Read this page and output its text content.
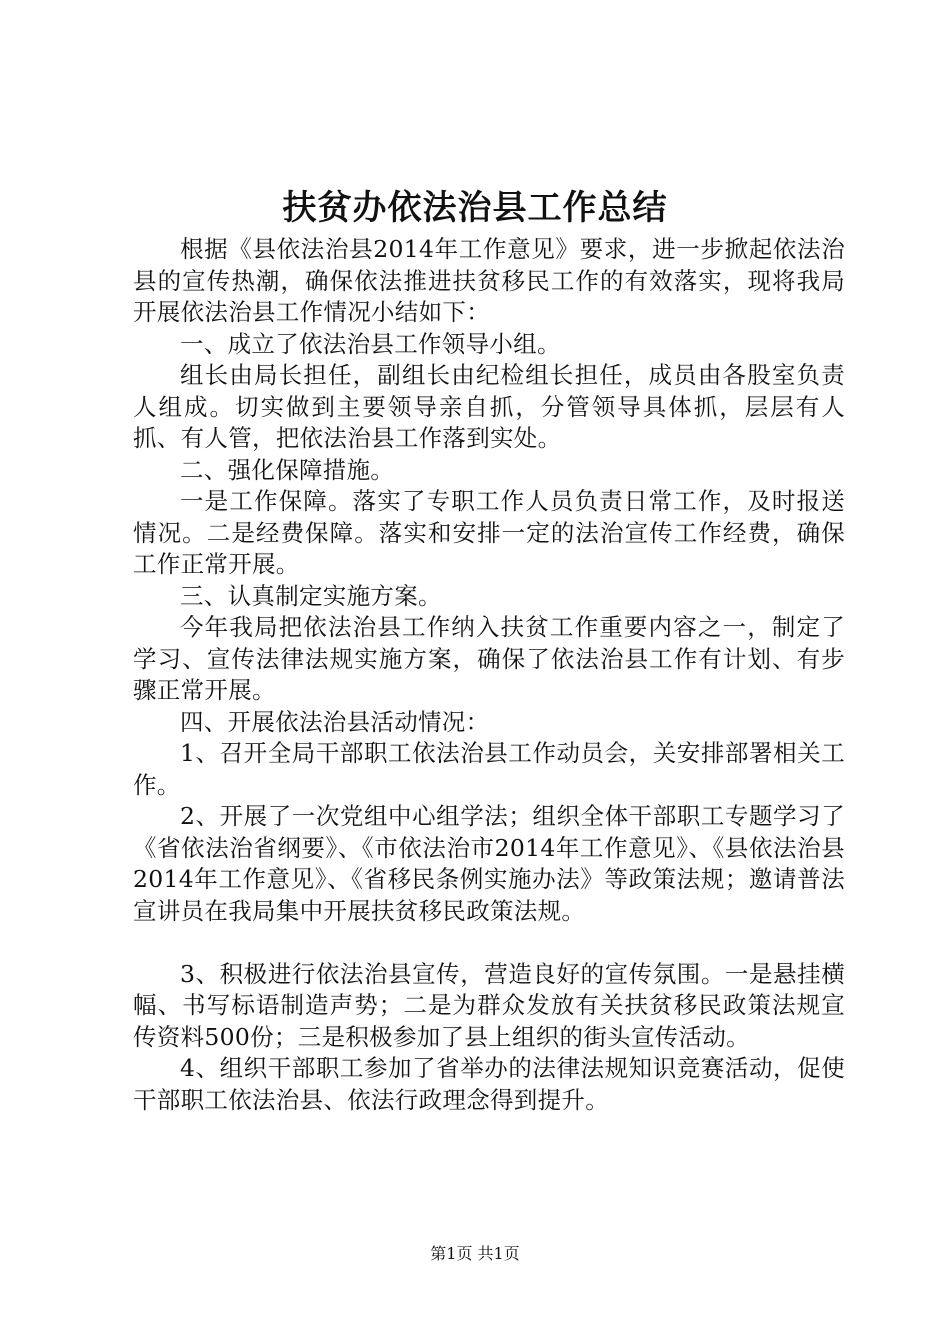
扶贫办依法治县工作总结

根据《县依法治县2014年工作意见》要求，进一步掀起依法治县的宣传热潮，确保依法推进扶贫移民工作的有效落实，现将我局开展依法治县工作情况小结如下：

一、成立了依法治县工作领导小组。

组长由局长担任，副组长由纪检组长担任，成员由各股室负责人组成。切实做到主要领导亲自抓，分管领导具体抓，层层有人抓、有人管，把依法治县工作落到实处。

二、强化保障措施。

一是工作保障。落实了专职工作人员负责日常工作，及时报送情况。二是经费保障。落实和安排一定的法治宣传工作经费，确保工作正常开展。

三、认真制定实施方案。

今年我局把依法治县工作纳入扶贫工作重要内容之一，制定了学习、宣传法律法规实施方案，确保了依法治县工作有计划、有步骤正常开展。

四、开展依法治县活动情况：

1、召开全局干部职工依法治县工作动员会，关安排部署相关工作。

2、开展了一次党组中心组学法；组织全体干部职工专题学习了《省依法治省纲要》、《市依法治市2014年工作意见》、《县依法治县2014年工作意见》、《省移民条例实施办法》等政策法规；邀请普法宣讲员在我局集中开展扶贫移民政策法规。

3、积极进行依法治县宣传，营造良好的宣传氛围。一是悬挂横幅、书写标语制造声势；二是为群众发放有关扶贫移民政策法规宣传资料500份；三是积极参加了县上组织的街头宣传活动。

4、组织干部职工参加了省举办的法律法规知识竞赛活动，促使干部职工依法治县、依法行政理念得到提升。

第1页 共1页
